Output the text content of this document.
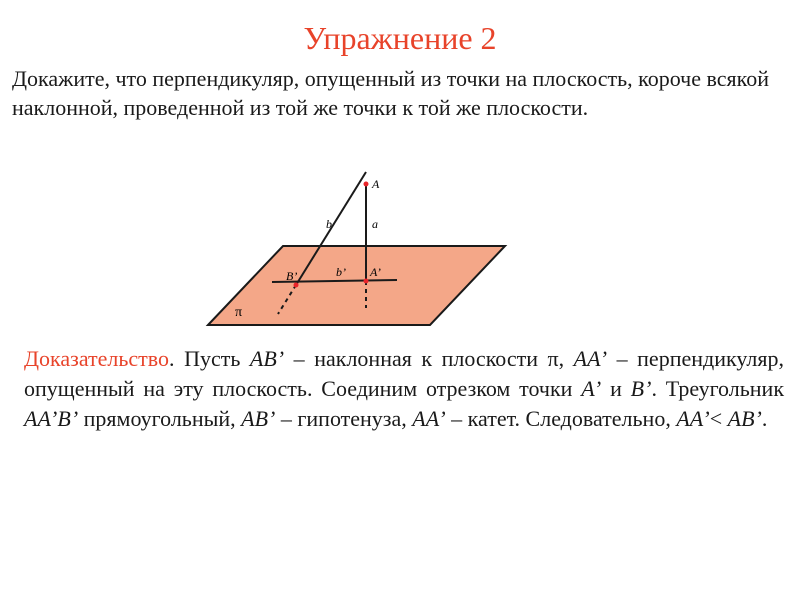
Упражнение 2
Докажите, что перпендикуляр, опущенный из точки на плоскость, короче всякой наклонной, проведенной из той же точки к той же плоскости.
A
a
b
A’
b’
B’
π
Доказательство. Пусть AB’ – наклонная к плоскости π, AA’ – перпендикуляр, опущенный на эту плоскость. Соединим отрезком точки A’ и B’. Треугольник AA’B’ прямоугольный, AB’ – гипотенуза, AA’ – катет. Следовательно, AA’< AB’.
